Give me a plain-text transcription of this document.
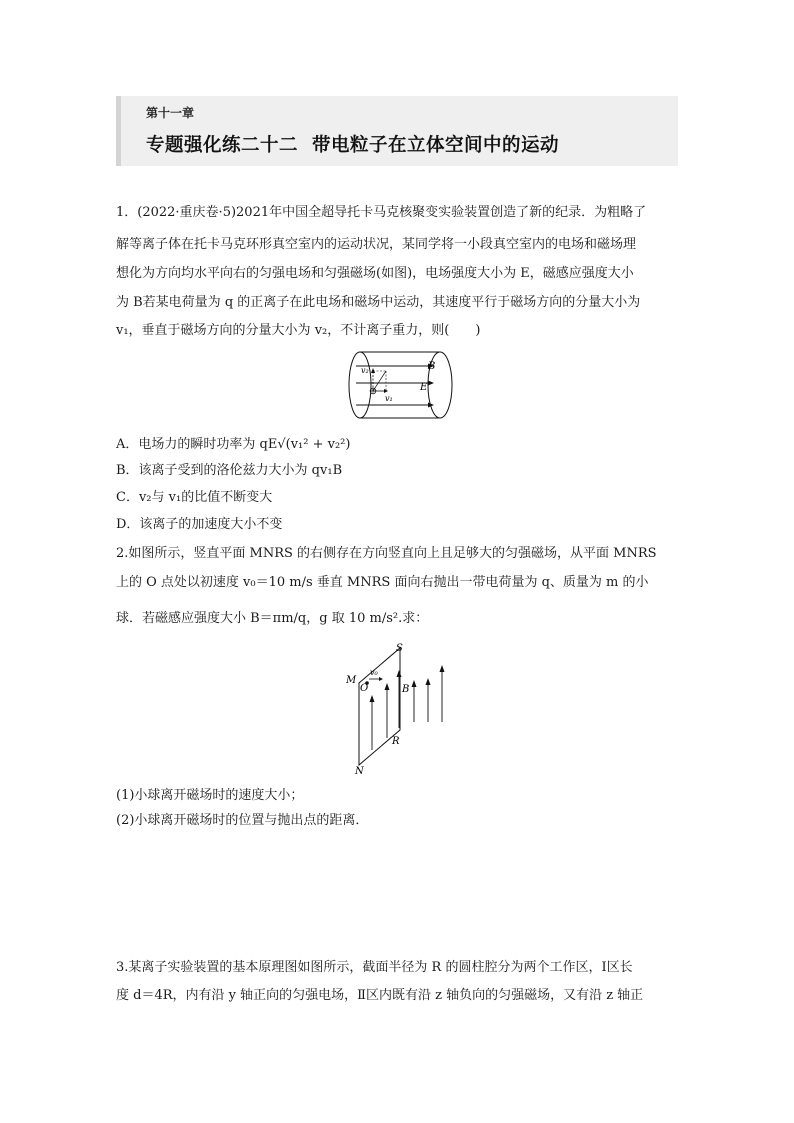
第十一章
专题强化练二十二 带电粒子在立体空间中的运动
1．(2022·重庆卷·5)2021年中国全超导托卡马克核聚变实验装置创造了新的纪录．为粗略了
解等离子体在托卡马克环形真空室内的运动状况，某同学将一小段真空室内的电场和磁场理
想化为方向均水平向右的匀强电场和匀强磁场(如图)，电场强度大小为 E，磁感应强度大小
为 B若某电荷量为 q 的正离子在此电场和磁场中运动，其速度平行于磁场方向的分量大小为
v₁，垂直于磁场方向的分量大小为 v₂，不计离子重力，则(　　)
v₂
v₁
B
E
A．电场力的瞬时功率为 qE√(v₁² + v₂²)
B．该离子受到的洛伦兹力大小为 qv₁B
C．v₂与 v₁的比值不断变大
D．该离子的加速度大小不变
2.如图所示，竖直平面 MNRS 的右侧存在方向竖直向上且足够大的匀强磁场，从平面 MNRS
上的 O 点处以初速度 v₀＝10 m/s 垂直 MNRS 面向右抛出一带电荷量为 q、质量为 m 的小
球．若磁感应强度大小 B＝πm/q，g 取 10 m/s².求：
M
O
v₀
B
S
R
N
(1)小球离开磁场时的速度大小；
(2)小球离开磁场时的位置与抛出点的距离．
3.某离子实验装置的基本原理图如图所示，截面半径为 R 的圆柱腔分为两个工作区，Ⅰ区长
度 d＝4R，内有沿 y 轴正向的匀强电场，Ⅱ区内既有沿 z 轴负向的匀强磁场，又有沿 z 轴正
